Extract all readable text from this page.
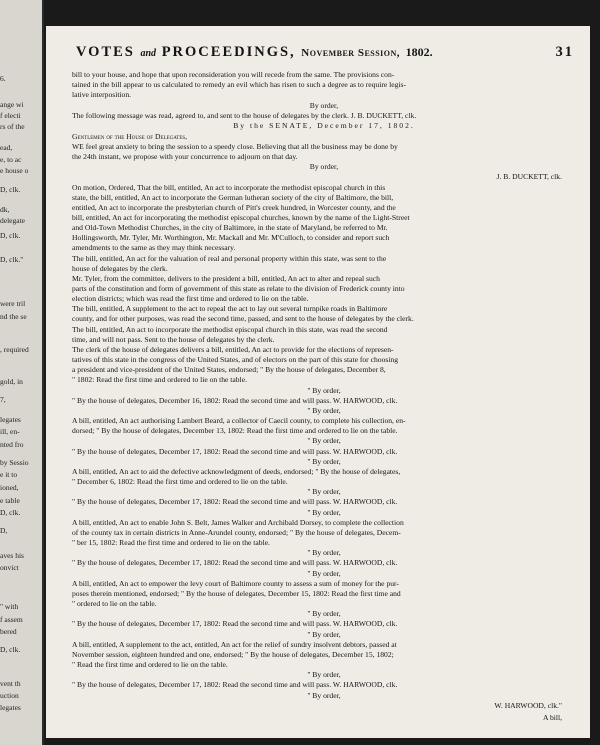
6.
ange wi
f electi
rs of the
ead,
e, to ac
e house o
D, clk.
dk,
delegate
D, clk.
D, clk."
were tril
nd the se
, required
gold, in
7,
legates
ill, en-
nted fro
by Sessio
e it to
ioned,
e table
D, clk.
D,
aves his
onvict
" with
f assem
bered
D, clk.
vent th
uction
legates
VOTES and PROCEEDINGS, November Session, 1802.	31
bill to your house, and hope that upon reconsideration you will recede from the same. The provisions con-
tained in the bill appear to us calculated to remedy an evil which has risen to such a degree as to require legis-
lative interposition.
By order,
The following message was read, agreed to, and sent to the house of delegates by the clerk. J. B. DUCKETT, clk.
By the SENATE, December 17, 1802.
Gentlemen of the House of Delegates,
WE feel great anxiety to bring the session to a speedy close. Believing that all the business may be done by
the 24th instant, we propose with your concurrence to adjourn on that day.
By order,
J. B. DUCKETT, clk.
On motion, Ordered, That the bill, entitled, An act to incorporate the methodist episcopal church in this
state, the bill, entitled, An act to incorporate the German lutheran society of the city of Baltimore, the bill,
entitled, An act to incorporate the presbyterian church of Pitt's creek hundred, in Worcester county, and the
bill, entitled, An act for incorporating the methodist episcopal churches, known by the name of the Light-Street
and Old-Town Methodist Churches, in the city of Baltimore, in the state of Maryland, be referred to Mr.
Hollingsworth, Mr. Tyler, Mr. Worthington, Mr. Mackall and Mr. M'Culloch, to consider and report such
amendments to the same as they may think necessary.
The bill, entitled, An act for the valuation of real and personal property within this state, was sent to the
house of delegates by the clerk.
Mr. Tyler, from the committee, delivers to the president a bill, entitled, An act to alter and repeal such
parts of the constitution and form of government of this state as relate to the division of Frederick county into
election districts; which was read the first time and ordered to lie on the table.
The bill, entitled, A supplement to the act to repeal the act to lay out several turnpike roads in Baltimore
county, and for other purposes, was read the second time, passed, and sent to the house of delegates by the clerk.
The bill, entitled, An act to incorporate the methodist episcopal church in this state, was read the second
time, and will not pass. Sent to the house of delegates by the clerk.
The clerk of the house of delegates delivers a bill, entitled, An act to provide for the elections of represen-
tatives of this state in the congress of the United States, and of electors on the part of this state for choosing
a president and vice-president of the United States, endorsed; " By the house of delegates, December 8,
" 1802: Read the first time and ordered to lie on the table.
" By order,
" By the house of delegates, December 16, 1802: Read the second time and will pass. W. HARWOOD, clk.
" By order,
A bill, entitled, An act authorising Lambert Beard, a collector of Caecil county, to complete his collection, en-
dorsed; " By the house of delegates, December 13, 1802: Read the first time and ordered to lie on the table.
" By order,
" By the house of delegates, December 17, 1802: Read the second time and will pass. W. HARWOOD, clk.
" By order,
A bill, entitled, An act to aid the defective acknowledgment of deeds, endorsed; " By the house of delegates,
" December 6, 1802: Read the first time and ordered to lie on the table.
" By order,
" By the house of delegates, December 17, 1802: Read the second time and will pass. W. HARWOOD, clk.
" By order,
A bill, entitled, An act to enable John S. Belt, James Walker and Archibald Dorsey, to complete the collection
of the county tax in certain districts in Anne-Arundel county, endorsed; " By the house of delegates, Decem-
" ber 15, 1802: Read the first time and ordered to lie on the table.
" By order,
" By the house of delegates, December 17, 1802: Read the second time and will pass. W. HARWOOD, clk.
" By order,
A bill, entitled, An act to empower the levy court of Baltimore county to assess a sum of money for the pur-
poses therein mentioned, endorsed; " By the house of delegates, December 15, 1802: Read the first time and
" ordered to lie on the table.
" By order,
" By the house of delegates, December 17, 1802: Read the second time and will pass. W. HARWOOD, clk.
" By order,
A bill, entitled, A supplement to the act, entitled, An act for the relief of sundry insolvent debtors, passed at
November session, eighteen hundred and one, endorsed; " By the house of delegates, December 15, 1802;
" Read the first time and ordered to lie on the table.
" By order,
" By the house of delegates, December 17, 1802: Read the second time and will pass. W. HARWOOD, clk.
" By order,
W. HARWOOD, clk."
A bill,
